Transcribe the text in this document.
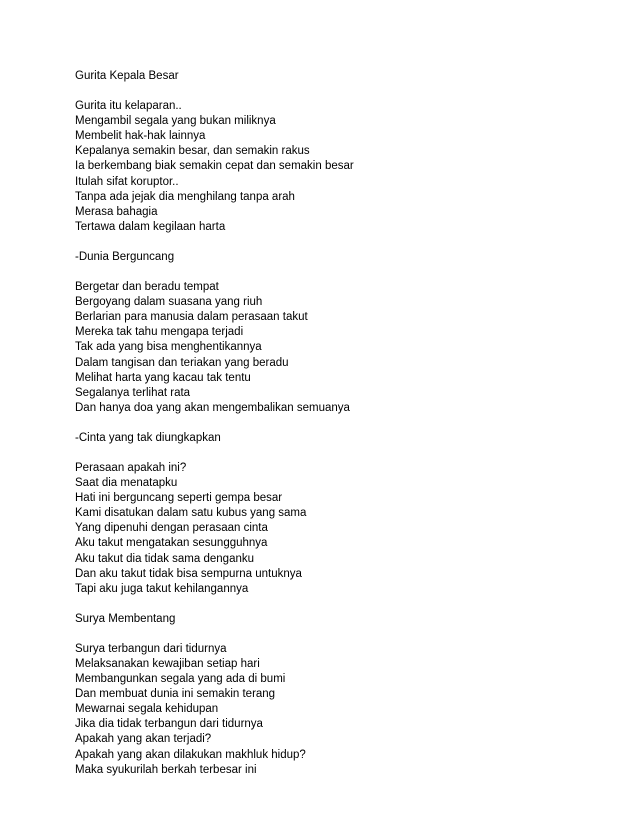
Gurita Kepala Besar
Gurita itu kelaparan..
Mengambil segala yang bukan miliknya
Membelit hak-hak lainnya
Kepalanya semakin besar, dan semakin rakus
Ia berkembang biak semakin cepat dan semakin besar
Itulah sifat koruptor..
Tanpa ada jejak dia menghilang tanpa arah
Merasa bahagia
Tertawa dalam kegilaan harta
-Dunia Berguncang
Bergetar dan beradu tempat
Bergoyang dalam suasana yang riuh
Berlarian para manusia dalam perasaan takut
Mereka tak tahu mengapa terjadi
Tak ada yang bisa menghentikannya
Dalam tangisan dan teriakan yang beradu
Melihat harta yang kacau tak tentu
Segalanya terlihat rata
Dan hanya doa yang akan mengembalikan semuanya
-Cinta yang tak diungkapkan
Perasaan apakah ini?
Saat dia menatapku
Hati ini berguncang seperti gempa besar
Kami disatukan dalam satu kubus yang sama
Yang dipenuhi dengan perasaan cinta
Aku takut mengatakan sesungguhnya
Aku takut dia tidak sama denganku
Dan aku takut tidak bisa sempurna untuknya
Tapi aku juga takut kehilangannya
Surya Membentang
Surya terbangun dari tidurnya
Melaksanakan kewajiban setiap hari
Membangunkan segala yang ada di bumi
Dan membuat dunia ini semakin terang
Mewarnai segala kehidupan
Jika dia tidak terbangun dari tidurnya
Apakah yang akan terjadi?
Apakah yang akan dilakukan makhluk hidup?
Maka syukurilah berkah terbesar ini
